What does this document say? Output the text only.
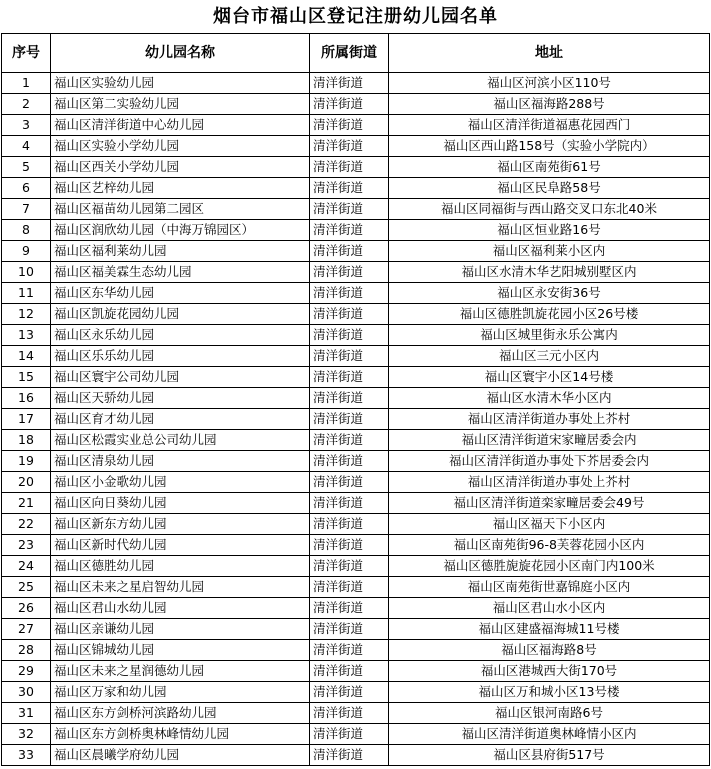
烟台市福山区登记注册幼儿园名单
序号	幼儿园名称	所属街道	地址
1	福山区实验幼儿园	清洋街道	福山区河滨小区110号
2	福山区第二实验幼儿园	清洋街道	福山区福海路288号
3	福山区清洋街道中心幼儿园	清洋街道	福山区清洋街道福惠花园西门
4	福山区实验小学幼儿园	清洋街道	福山区西山路158号（实验小学院内）
5	福山区西关小学幼儿园	清洋街道	福山区南苑街61号
6	福山区艺梓幼儿园	清洋街道	福山区民阜路58号
7	福山区福苗幼儿园第二园区	清洋街道	福山区同福街与西山路交叉口东北40米
8	福山区润欣幼儿园（中海万锦园区）	清洋街道	福山区恒业路16号
9	福山区福利莱幼儿园	清洋街道	福山区福利莱小区内
10	福山区福美霖生态幼儿园	清洋街道	福山区水清木华艺阳城别墅区内
11	福山区东华幼儿园	清洋街道	福山区永安街36号
12	福山区凯旋花园幼儿园	清洋街道	福山区德胜凯旋花园小区26号楼
13	福山区永乐幼儿园	清洋街道	福山区城里街永乐公寓内
14	福山区乐乐幼儿园	清洋街道	福山区三元小区内
15	福山区寰宇公司幼儿园	清洋街道	福山区寰宇小区14号楼
16	福山区天骄幼儿园	清洋街道	福山区水清木华小区内
17	福山区育才幼儿园	清洋街道	福山区清洋街道办事处上芥村
18	福山区松霞实业总公司幼儿园	清洋街道	福山区清洋街道宋家疃居委会内
19	福山区清泉幼儿园	清洋街道	福山区清洋街道办事处下芥居委会内
20	福山区小金歌幼儿园	清洋街道	福山区清洋街道办事处上芥村
21	福山区向日葵幼儿园	清洋街道	福山区清洋街道栾家疃居委会49号
22	福山区新东方幼儿园	清洋街道	福山区福天下小区内
23	福山区新时代幼儿园	清洋街道	福山区南苑街96-8芙蓉花园小区内
24	福山区德胜幼儿园	清洋街道	福山区德胜旎旋花园小区南门内100米
25	福山区未来之星启智幼儿园	清洋街道	福山区南苑街世嘉锦庭小区内
26	福山区君山水幼儿园	清洋街道	福山区君山水小区内
27	福山区亲谦幼儿园	清洋街道	福山区建盛福海城11号楼
28	福山区锦城幼儿园	清洋街道	福山区福海路8号
29	福山区未来之星润德幼儿园	清洋街道	福山区港城西大街170号
30	福山区万家和幼儿园	清洋街道	福山区万和城小区13号楼
31	福山区东方剑桥河滨路幼儿园	清洋街道	福山区银河南路6号
32	福山区东方剑桥奥林峰情幼儿园	清洋街道	福山区清洋街道奥林峰情小区内
33	福山区晨曦学府幼儿园	清洋街道	福山区县府街517号
